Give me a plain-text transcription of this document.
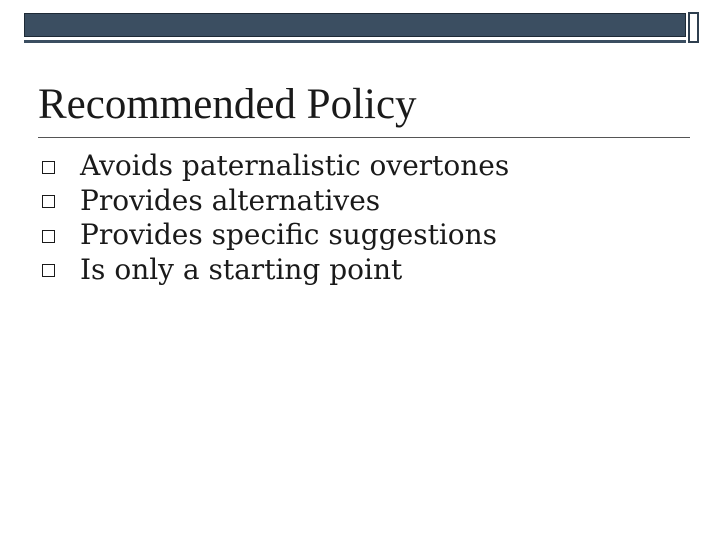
Recommended Policy
Avoids paternalistic overtones
Provides alternatives
Provides specific suggestions
Is only a starting point
